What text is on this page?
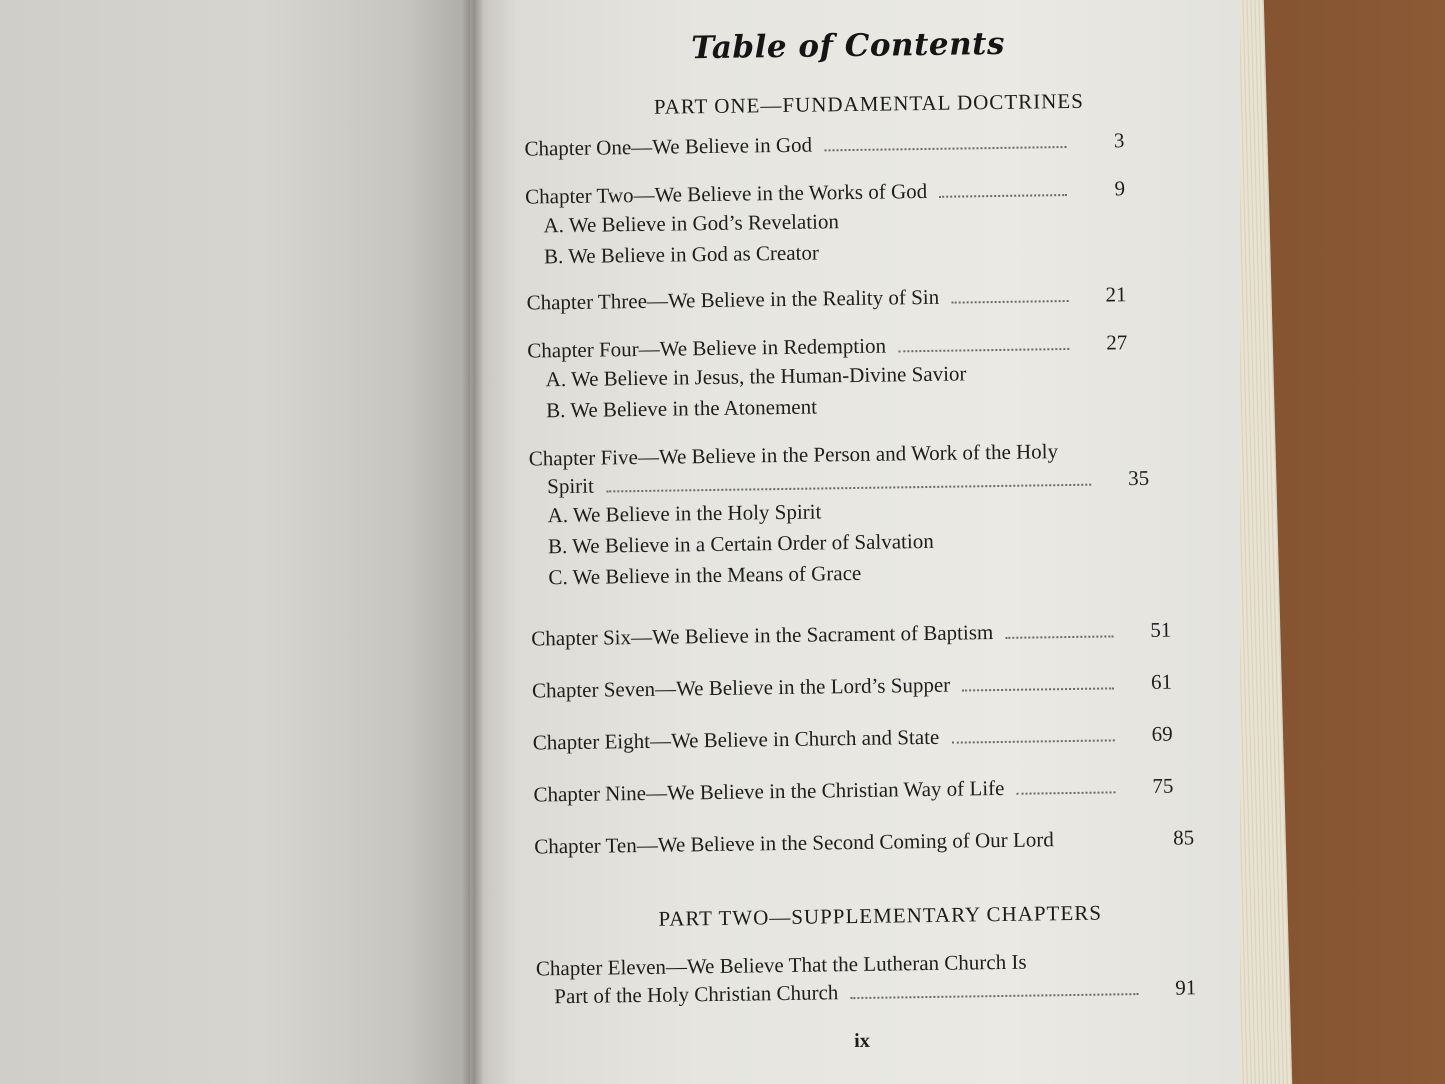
Table of Contents
PART ONE—FUNDAMENTAL DOCTRINES
Chapter One—We Believe in God	3
Chapter Two—We Believe in the Works of God	9
A. We Believe in God’s Revelation
B. We Believe in God as Creator
Chapter Three—We Believe in the Reality of Sin	21
Chapter Four—We Believe in Redemption	27
A. We Believe in Jesus, the Human-Divine Savior
B. We Believe in the Atonement
Chapter Five—We Believe in the Person and Work of the Holy
Spirit	35
A. We Believe in the Holy Spirit
B. We Believe in a Certain Order of Salvation
C. We Believe in the Means of Grace
Chapter Six—We Believe in the Sacrament of Baptism	51
Chapter Seven—We Believe in the Lord’s Supper	61
Chapter Eight—We Believe in Church and State	69
Chapter Nine—We Believe in the Christian Way of Life	75
Chapter Ten—We Believe in the Second Coming of Our Lord	85
PART TWO—SUPPLEMENTARY CHAPTERS
Chapter Eleven—We Believe That the Lutheran Church Is
Part of the Holy Christian Church	91
ix
